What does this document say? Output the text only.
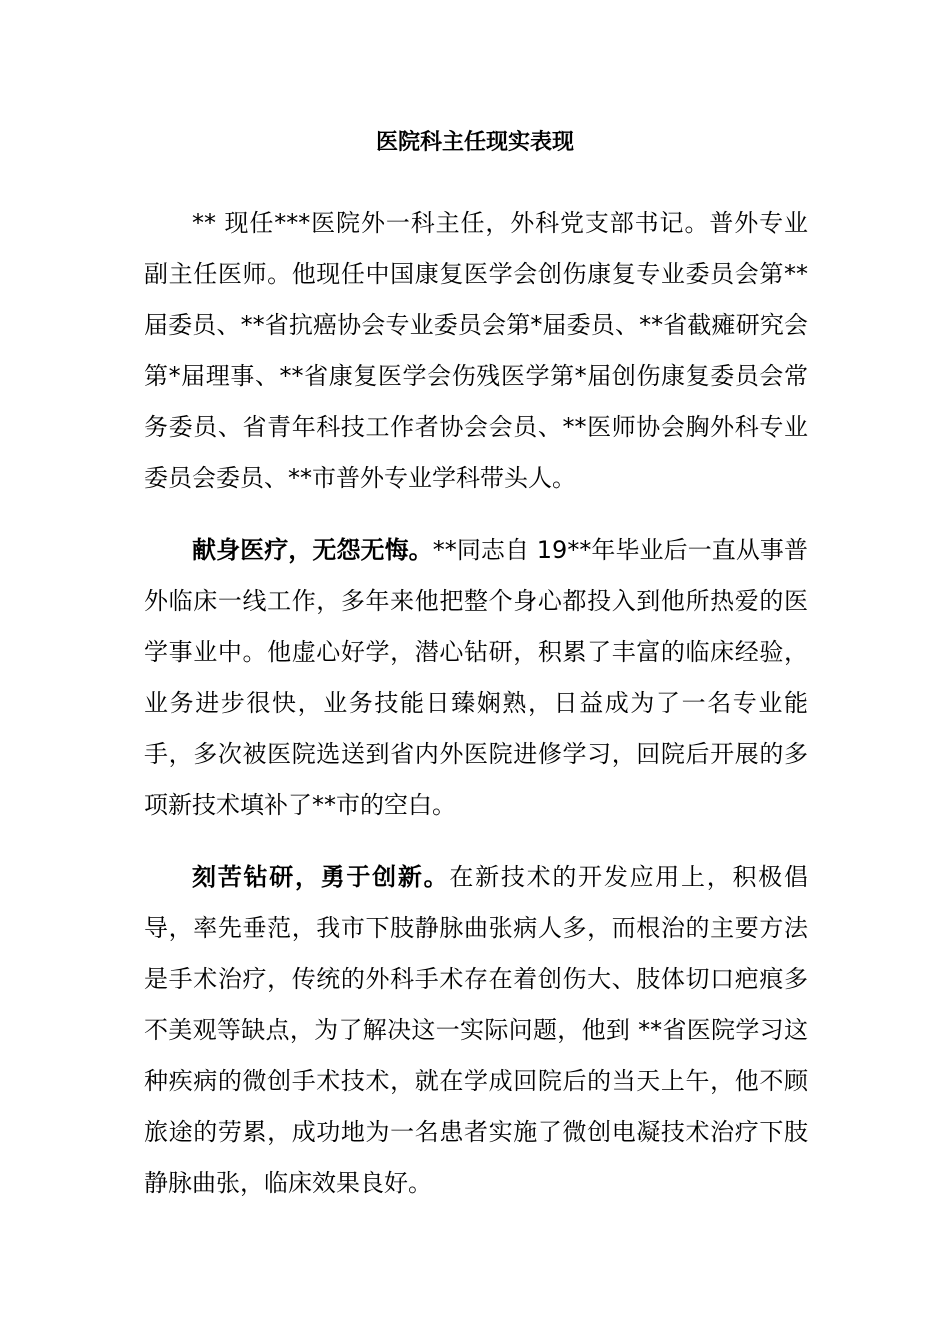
医院科主任现实表现

** 现任***医院外一科主任，外科党支部书记。普外专业副主任医师。他现任中国康复医学会创伤康复专业委员会第**届委员、**省抗癌协会专业委员会第*届委员、**省截瘫研究会第*届理事、**省康复医学会伤残医学第*届创伤康复委员会常务委员、省青年科技工作者协会会员、**医师协会胸外科专业委员会委员、**市普外专业学科带头人。

献身医疗，无怨无悔。**同志自 19**年毕业后一直从事普外临床一线工作，多年来他把整个身心都投入到他所热爱的医学事业中。他虚心好学，潜心钻研，积累了丰富的临床经验，业务进步很快，业务技能日臻娴熟，日益成为了一名专业能手，多次被医院选送到省内外医院进修学习，回院后开展的多项新技术填补了**市的空白。

刻苦钻研，勇于创新。在新技术的开发应用上，积极倡导，率先垂范，我市下肢静脉曲张病人多，而根治的主要方法是手术治疗，传统的外科手术存在着创伤大、肢体切口疤痕多不美观等缺点，为了解决这一实际问题，他到 **省医院学习这种疾病的微创手术技术，就在学成回院后的当天上午，他不顾旅途的劳累，成功地为一名患者实施了微创电凝技术治疗下肢静脉曲张，临床效果良好。
